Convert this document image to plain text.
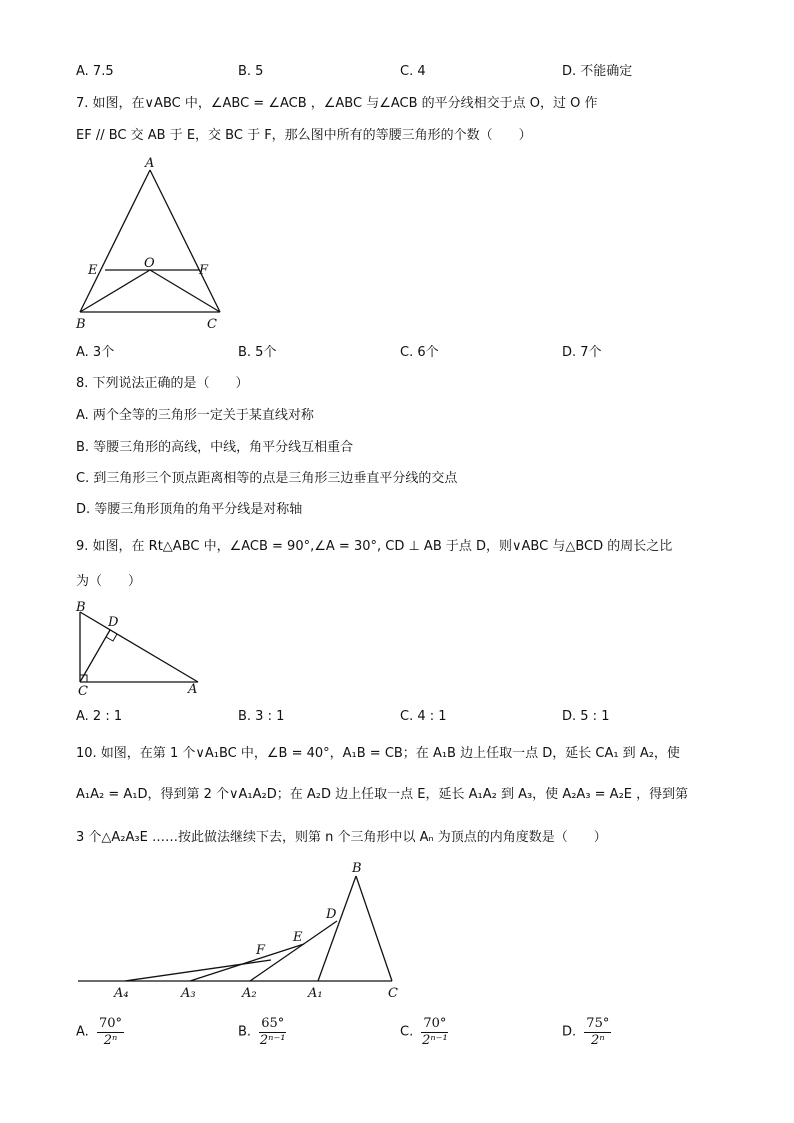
A. 7.5	B. 5	C. 4	D. 不能确定
7. 如图，在∨ABC 中，∠ABC = ∠ACB ，∠ABC 与∠ACB 的平分线相交于点 O，过 O 作
EF // BC 交 AB 于 E，交 BC 于 F，那么图中所有的等腰三角形的个数（　　）
A
E	O	F
B	C
A. 3个	B. 5个	C. 6个	D. 7个
8. 下列说法正确的是（　　）
A. 两个全等的三角形一定关于某直线对称
B. 等腰三角形的高线，中线，角平分线互相重合
C. 到三角形三个顶点距离相等的点是三角形三边垂直平分线的交点
D. 等腰三角形顶角的角平分线是对称轴
9. 如图，在 Rt△ABC 中，∠ACB = 90°,∠A = 30°, CD ⊥ AB 于点 D，则∨ABC 与△BCD 的周长之比
为（　　）
B
D
C	A
A. 2 : 1	B. 3 : 1	C. 4 : 1	D. 5 : 1
10. 如图，在第 1 个∨A₁BC 中，∠B = 40°，A₁B = CB；在 A₁B 边上任取一点 D，延长 CA₁ 到 A₂，使
A₁A₂ = A₁D，得到第 2 个∨A₁A₂D；在 A₂D 边上任取一点 E，延长 A₁A₂ 到 A₃，使 A₂A₃ = A₂E ，得到第
3 个△A₂A₃E ……按此做法继续下去，则第 n 个三角形中以 Aₙ 为顶点的内角度数是（　　）
B
D
E
F
A₄	A₃	A₂	A₁	C
A. $\frac{70^\circ}{\text{2ⁿ}}$	B. $\frac{65^\circ}{\text{2ⁿ⁻¹}}$	C. $\frac{70^\circ}{\text{2ⁿ⁻¹}}$	D. $\frac{75^\circ}{\text{2ⁿ}}$
